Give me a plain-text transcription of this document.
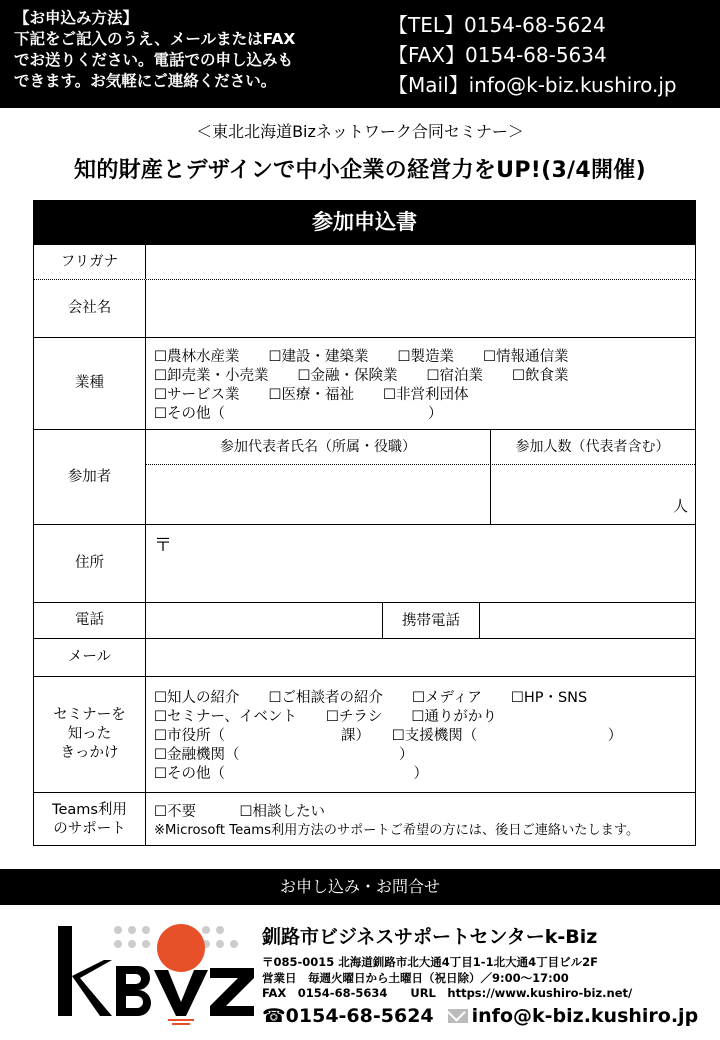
【お申込み方法】
下記をご記入のうえ、メールまたはFAX
でお送りください。電話での申し込みも
できます。お気軽にご連絡ください。
【TEL】0154-68-5624
【FAX】0154-68-5634
【Mail】info@k-biz.kushiro.jp
＜東北北海道Bizネットワーク合同セミナー＞
知的財産とデザインで中小企業の経営力をUP!(3/4開催)
参加申込書
フリガナ
会社名
業種
☐農林水産業　　☐建設・建築業　　☐製造業　　☐情報通信業
☐卸売業・小売業　　☐金融・保険業　　☐宿泊業　　☐飲食業
☐サービス業　　☐医療・福祉　　☐非営利団体
☐その他（　　　　　　　　　　　　　　）
参加者
参加代表者氏名（所属・役職）	参加人数（代表者含む）
人
住所
〒
電話	携帯電話
メール
セミナーを
知った
きっかけ
☐知人の紹介　　☐ご相談者の紹介　　☐メディア　　☐HP・SNS
☐セミナー、イベント　　☐チラシ　　☐通りがかり
☐市役所（　　　　　　　　課）　　☐支援機関（　　　　　　　　　）
☐金融機関（　　　　　　　　　　　）
☐その他（　　　　　　　　　　　　　）
Teams利用
のサポート
☐不要　　　☐相談したい
※Microsoft Teams利用方法のサポートご希望の方には、後日ご連絡いたします。
お申し込み・お問合せ
釧路市ビジネスサポートセンターk-Biz
〒085-0015 北海道釧路市北大通4丁目1-1北大通4丁目ビル2F
営業日　毎週火曜日から土曜日（祝日除）／9:00〜17:00
FAX　0154-68-5634　　URL　https://www.kushiro-biz.net/
☎0154-68-5624 info@k-biz.kushiro.jp
